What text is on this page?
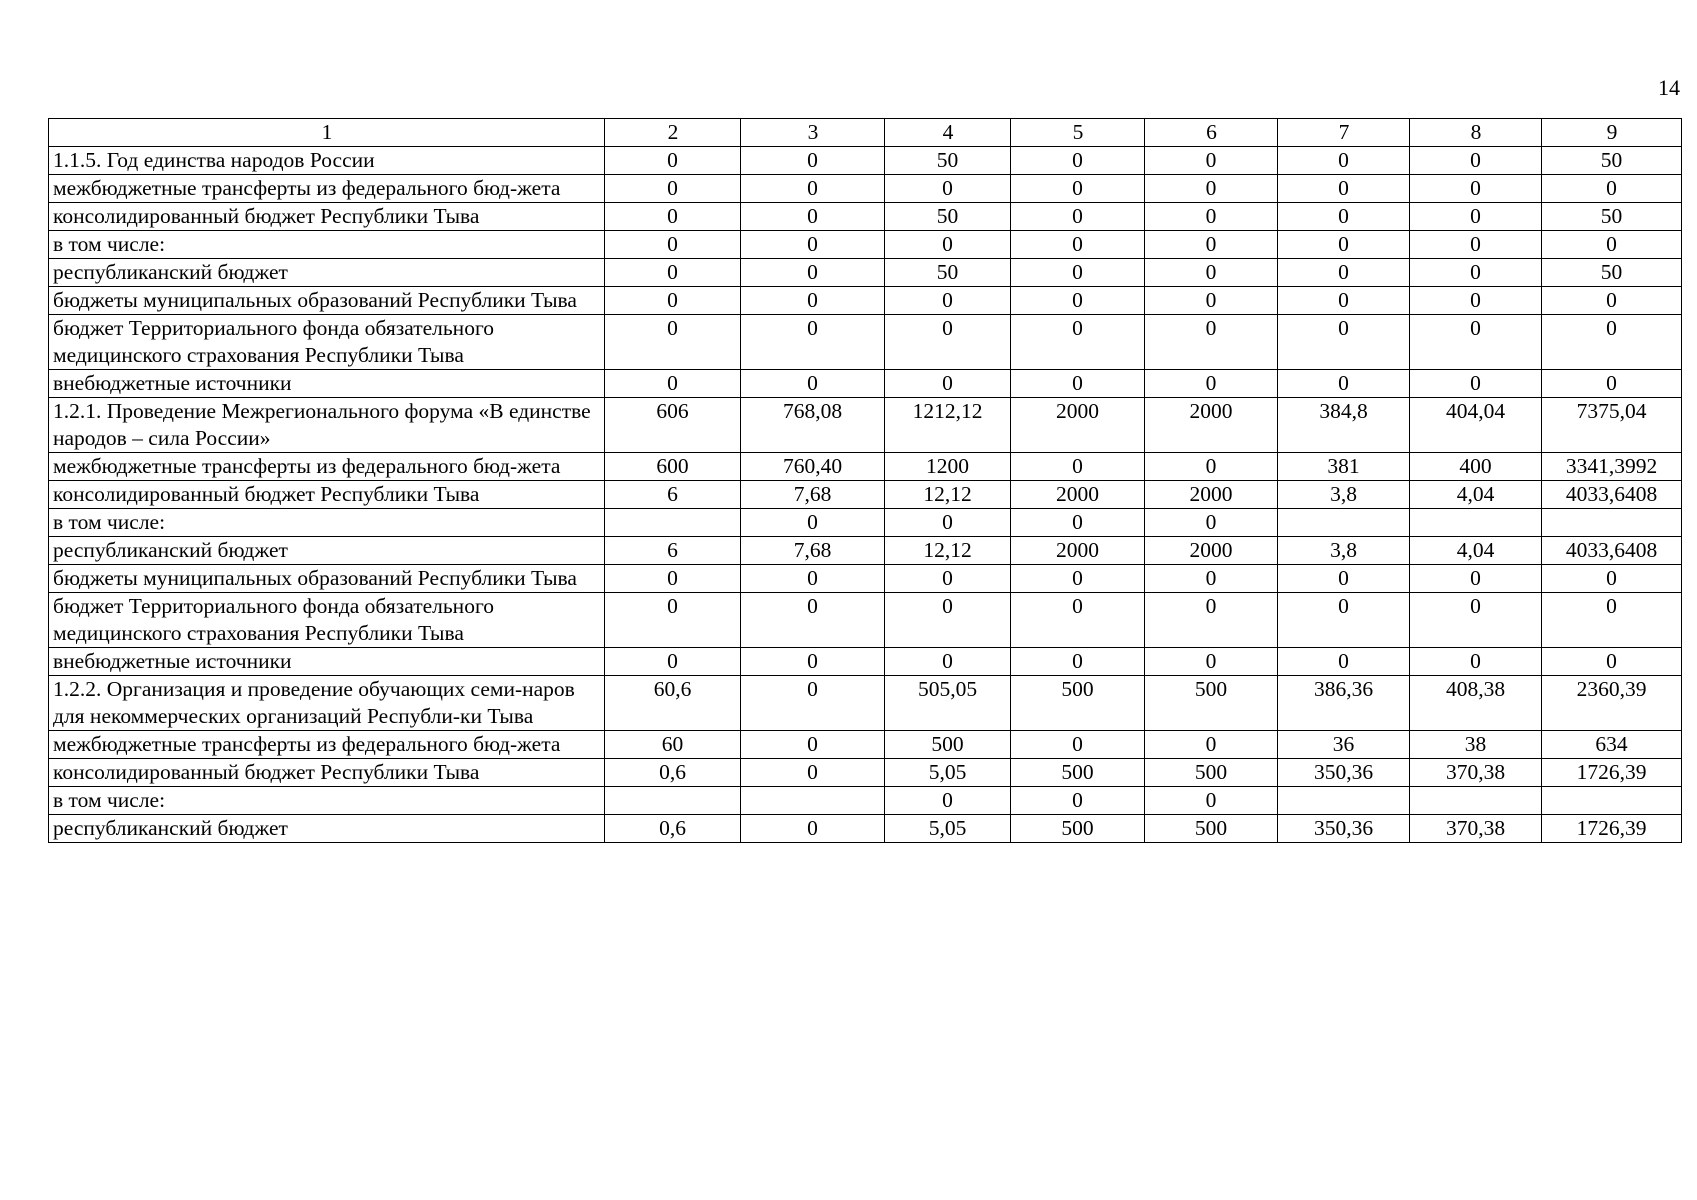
14
1	2	3	4	5	6	7	8	9
1.1.5. Год единства народов России	0	0	50	0	0	0	0	50
межбюджетные трансферты из федерального бюд-жета	0	0	0	0	0	0	0	0
консолидированный бюджет Республики Тыва	0	0	50	0	0	0	0	50
в том числе:	0	0	0	0	0	0	0	0
республиканский бюджет	0	0	50	0	0	0	0	50
бюджеты муниципальных образований Республики Тыва	0	0	0	0	0	0	0	0
бюджет Территориального фонда обязательного медицинского страхования Республики Тыва	0	0	0	0	0	0	0	0
внебюджетные источники	0	0	0	0	0	0	0	0
1.2.1. Проведение Межрегионального форума «В единстве народов – сила России»	606	768,08	1212,12	2000	2000	384,8	404,04	7375,04
межбюджетные трансферты из федерального бюд-жета	600	760,40	1200	0	0	381	400	3341,3992
консолидированный бюджет Республики Тыва	6	7,68	12,12	2000	2000	3,8	4,04	4033,6408
в том числе:		0	0	0	0			
республиканский бюджет	6	7,68	12,12	2000	2000	3,8	4,04	4033,6408
бюджеты муниципальных образований Республики Тыва	0	0	0	0	0	0	0	0
бюджет Территориального фонда обязательного медицинского страхования Республики Тыва	0	0	0	0	0	0	0	0
внебюджетные источники	0	0	0	0	0	0	0	0
1.2.2. Организация и проведение обучающих семи-наров для некоммерческих организаций Республи-ки Тыва	60,6	0	505,05	500	500	386,36	408,38	2360,39
межбюджетные трансферты из федерального бюд-жета	60	0	500	0	0	36	38	634
консолидированный бюджет Республики Тыва	0,6	0	5,05	500	500	350,36	370,38	1726,39
в том числе:			0	0	0			
республиканский бюджет	0,6	0	5,05	500	500	350,36	370,38	1726,39
